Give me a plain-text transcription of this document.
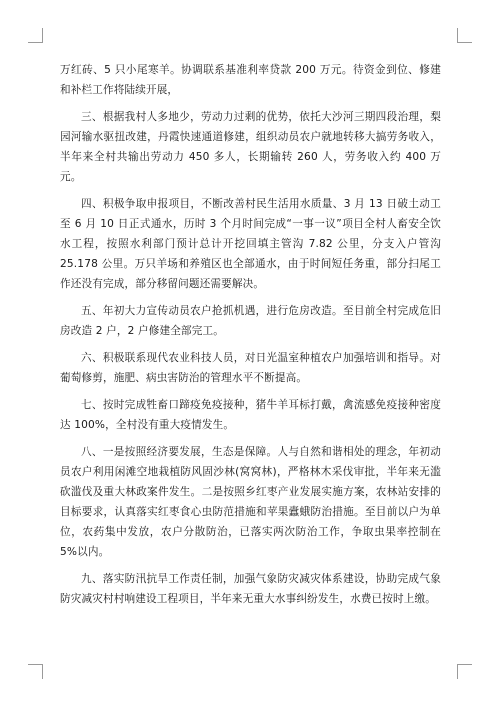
万红砖、5 只小尾寒羊。协调联系基准利率贷款 200 万元。待资金到位、修建和补栏工作将陆续开展，

三、根据我村人多地少，劳动力过剩的优势，依托大沙河三期四段治理，梨园河输水驱扭改建，丹霞快速通道修建，组织动员农户就地转移大搞劳务收入，半年来全村共输出劳动力 450 多人，长期输转 260 人，劳务收入约 400 万元。

四、积极争取申报项目，不断改善村民生活用水质量、3 月 13 日破土动工至 6 月 10 日正式通水，历时 3 个月时间完成“一事一议”项目全村人畜安全饮水工程，按照水利部门预计总计开挖回填主管沟 7.82 公里，分支入户管沟 25.178 公里。万只羊场和养殖区也全部通水，由于时间短任务重，部分扫尾工作还没有完成，部分移留问题还需要解决。

五、年初大力宣传动员农户抢抓机遇，进行危房改造。至目前全村完成危旧房改造 2 户，2 户修建全部完工。

六、积极联系现代农业科技人员，对日光温室种植农户加强培训和指导。对葡萄修剪，施肥、病虫害防治的管理水平不断提高。

七、按时完成牲畜口蹄疫免疫接种，猪牛羊耳标打戴，禽流感免疫接种密度达 100%，全村没有重大疫情发生。

八、一是按照经济要发展，生态是保障。人与自然和谐相处的理念，年初动员农户利用闲滩空地栽植防风固沙林(窝窝林)，严格林木采伐审批，半年来无滥砍滥伐及重大林政案件发生。二是按照乡红枣产业发展实施方案，农林站安排的目标要求，认真落实红枣食心虫防范措施和苹果蠹蛾防治措施。至目前以户为单位，农药集中发放，农户分散防治，已落实两次防治工作，争取虫果率控制在 5%以内。

九、落实防汛抗旱工作责任制，加强气象防灾减灾体系建设，协助完成气象防灾减灾村村响建设工程项目，半年来无重大水事纠纷发生，水费已按时上缴。
